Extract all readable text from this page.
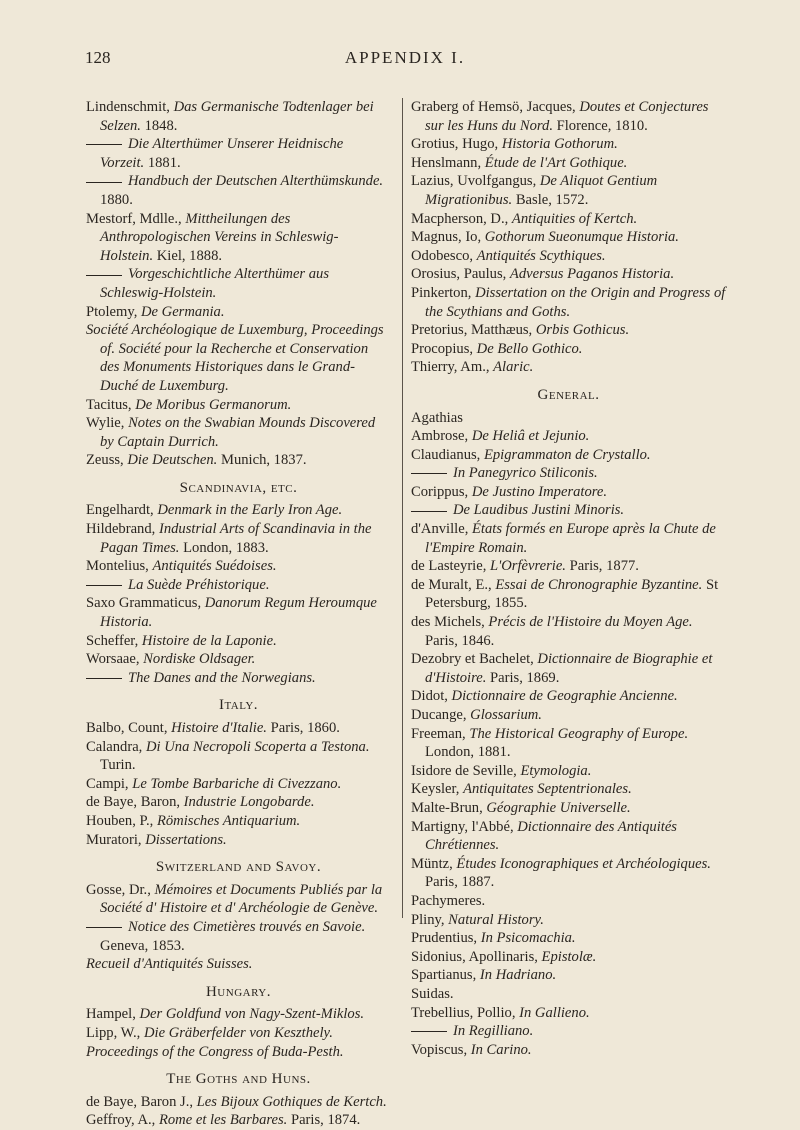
128	APPENDIX I.
Lindenschmit, Das Germanische Todtenlager bei Selzen. 1848.
Die Alterthümer Unserer Heidnische Vorzeit. 1881.
Handbuch der Deutschen Alterthümskunde. 1880.
Mestorf, Mdlle., Mittheilungen des Anthropologischen Vereins in Schleswig-Holstein. Kiel, 1888.
Vorgeschichtliche Alterthümer aus Schleswig-Holstein.
Ptolemy, De Germania.
Société Archéologique de Luxemburg, Proceedings of. Société pour la Recherche et Conservation des Monuments Historiques dans le Grand-Duché de Luxemburg.
Tacitus, De Moribus Germanorum.
Wylie, Notes on the Swabian Mounds Discovered by Captain Durrich.
Zeuss, Die Deutschen. Munich, 1837.
Scandinavia, etc.
Engelhardt, Denmark in the Early Iron Age.
Hildebrand, Industrial Arts of Scandinavia in the Pagan Times. London, 1883.
Montelius, Antiquités Suédoises.
La Suède Préhistorique.
Saxo Grammaticus, Danorum Regum Heroumque Historia.
Scheffer, Histoire de la Laponie.
Worsaae, Nordiske Oldsager.
The Danes and the Norwegians.
Italy.
Balbo, Count, Histoire d'Italie. Paris, 1860.
Calandra, Di Una Necropoli Scoperta a Testona. Turin.
Campi, Le Tombe Barbariche di Civezzano.
de Baye, Baron, Industrie Longobarde.
Houben, P., Römisches Antiquarium.
Muratori, Dissertations.
Switzerland and Savoy.
Gosse, Dr., Mémoires et Documents Publiés par la Société d' Histoire et d' Archéologie de Genève.
Notice des Cimetières trouvés en Savoie. Geneva, 1853.
Recueil d'Antiquités Suisses.
Hungary.
Hampel, Der Goldfund von Nagy-Szent-Miklos.
Lipp, W., Die Gräberfelder von Keszthely.
Proceedings of the Congress of Buda-Pesth.
The Goths and Huns.
de Baye, Baron J., Les Bijoux Gothiques de Kertch.
Geffroy, A., Rome et les Barbares. Paris, 1874.
Graberg of Hemsö, Jacques, Doutes et Conjectures sur les Huns du Nord. Florence, 1810.
Grotius, Hugo, Historia Gothorum.
Henslmann, Étude de l'Art Gothique.
Lazius, Uvolfgangus, De Aliquot Gentium Migrationibus. Basle, 1572.
Macpherson, D., Antiquities of Kertch.
Magnus, Io, Gothorum Sueonumque Historia.
Odobesco, Antiquités Scythiques.
Orosius, Paulus, Adversus Paganos Historia.
Pinkerton, Dissertation on the Origin and Progress of the Scythians and Goths.
Pretorius, Matthæus, Orbis Gothicus.
Procopius, De Bello Gothico.
Thierry, Am., Alaric.
General.
Agathias
Ambrose, De Heliâ et Jejunio.
Claudianus, Epigrammaton de Crystallo.
In Panegyrico Stiliconis.
Corippus, De Justino Imperatore.
De Laudibus Justini Minoris.
d'Anville, États formés en Europe après la Chute de l'Empire Romain.
de Lasteyrie, L'Orfèvrerie. Paris, 1877.
de Muralt, E., Essai de Chronographie Byzantine. St Petersburg, 1855.
des Michels, Précis de l'Histoire du Moyen Age. Paris, 1846.
Dezobry et Bachelet, Dictionnaire de Biographie et d'Histoire. Paris, 1869.
Didot, Dictionnaire de Geographie Ancienne.
Ducange, Glossarium.
Freeman, The Historical Geography of Europe. London, 1881.
Isidore de Seville, Etymologia.
Keysler, Antiquitates Septentrionales.
Malte-Brun, Géographie Universelle.
Martigny, l'Abbé, Dictionnaire des Antiquités Chrétiennes.
Müntz, Études Iconographiques et Archéologiques. Paris, 1887.
Pachymeres.
Pliny, Natural History.
Prudentius, In Psicomachia.
Sidonius, Apollinaris, Epistolæ.
Spartianus, In Hadriano.
Suidas.
Trebellius, Pollio, In Gallieno.
In Regilliano.
Vopiscus, In Carino.
